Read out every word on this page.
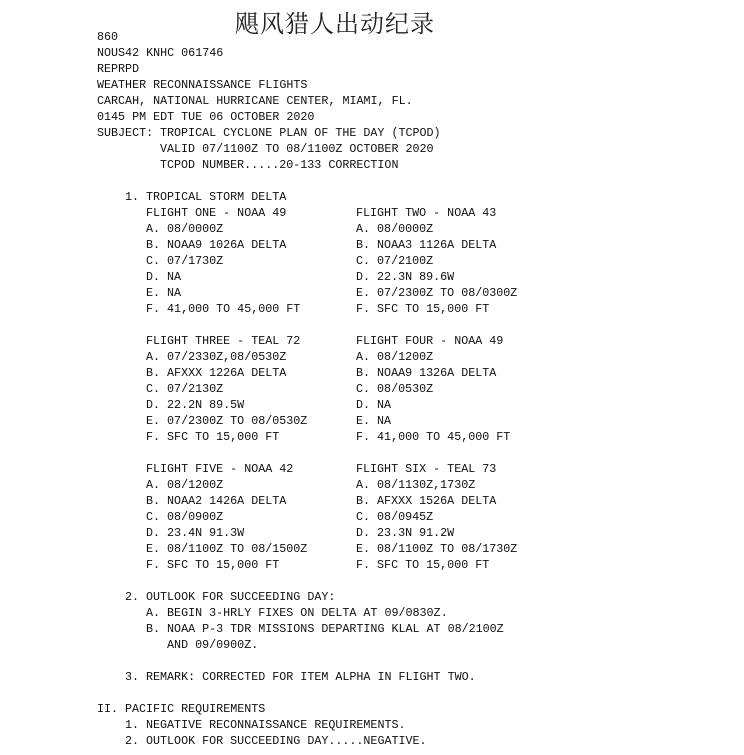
飓风猎人出动纪录
860
NOUS42 KNHC 061746
REPRPD
WEATHER RECONNAISSANCE FLIGHTS
CARCAH, NATIONAL HURRICANE CENTER, MIAMI, FL.
0145 PM EDT TUE 06 OCTOBER 2020
SUBJECT: TROPICAL CYCLONE PLAN OF THE DAY (TCPOD)
VALID 07/1100Z TO 08/1100Z OCTOBER 2020
TCPOD NUMBER.....20-133 CORRECTION
1. TROPICAL STORM DELTA
FLIGHT ONE - NOAA 49
A. 08/0000Z
B. NOAA9 1026A DELTA
C. 07/1730Z
D. NA
E. NA
F. 41,000 TO 45,000 FT
FLIGHT TWO - NOAA 43
A. 08/0000Z
B. NOAA3 1126A DELTA
C. 07/2100Z
D. 22.3N 89.6W
E. 07/2300Z TO 08/0300Z
F. SFC TO 15,000 FT
FLIGHT THREE - TEAL 72
A. 07/2330Z,08/0530Z
B. AFXXX 1226A DELTA
C. 07/2130Z
D. 22.2N 89.5W
E. 07/2300Z TO 08/0530Z
F. SFC TO 15,000 FT
FLIGHT FOUR - NOAA 49
A. 08/1200Z
B. NOAA9 1326A DELTA
C. 08/0530Z
D. NA
E. NA
F. 41,000 TO 45,000 FT
FLIGHT FIVE - NOAA 42
A. 08/1200Z
B. NOAA2 1426A DELTA
C. 08/0900Z
D. 23.4N 91.3W
E. 08/1100Z TO 08/1500Z
F. SFC TO 15,000 FT
FLIGHT SIX - TEAL 73
A. 08/1130Z,1730Z
B. AFXXX 1526A DELTA
C. 08/0945Z
D. 23.3N 91.2W
E. 08/1100Z TO 08/1730Z
F. SFC TO 15,000 FT
2. OUTLOOK FOR SUCCEEDING DAY:
A. BEGIN 3-HRLY FIXES ON DELTA AT 09/0830Z.
B. NOAA P-3 TDR MISSIONS DEPARTING KLAL AT 08/2100Z
AND 09/0900Z.
3. REMARK: CORRECTED FOR ITEM ALPHA IN FLIGHT TWO.
II. PACIFIC REQUIREMENTS
1. NEGATIVE RECONNAISSANCE REQUIREMENTS.
2. OUTLOOK FOR SUCCEEDING DAY.....NEGATIVE.
